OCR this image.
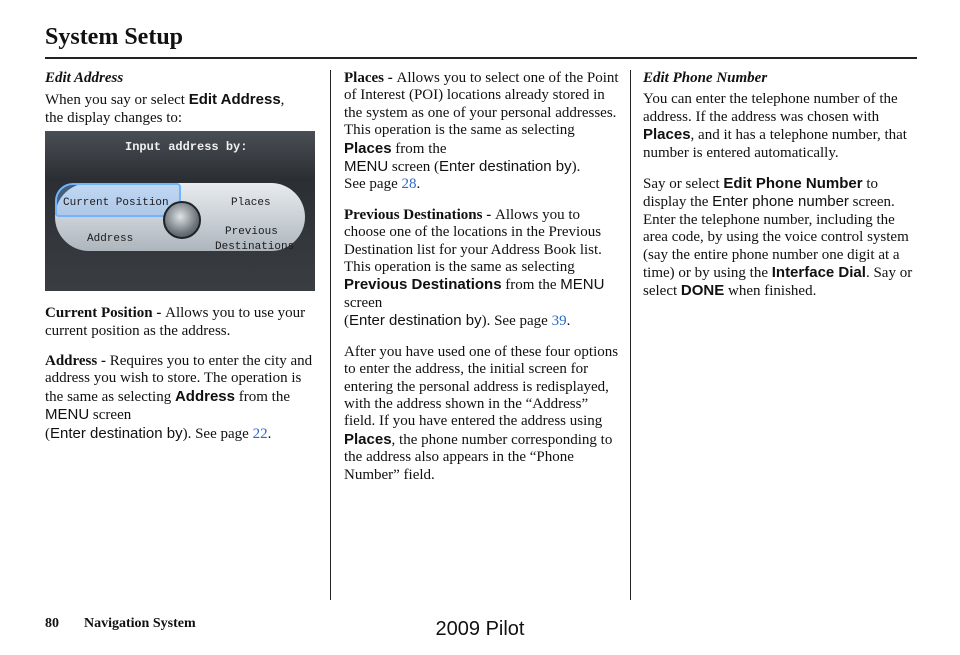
System Setup

Edit Address

When you say or select Edit Address,
the display changes to:

Input address by:
Current Position	Places
Address
Previous
Destinations

Current Position - Allows you to use your current position as the address.

Address - Requires you to enter the city and address you wish to store. The operation is the same as selecting Address from the MENU screen
(Enter destination by). See page 22.

Places - Allows you to select one of the Point of Interest (POI) locations already stored in the system as one of your personal addresses. This operation is the same as selecting Places from the
MENU screen (Enter destination by).
See page 28.

Previous Destinations - Allows you to choose one of the locations in the Previous Destination list for your Address Book list. This operation is the same as selecting Previous Destinations from the MENU screen
(Enter destination by). See page 39.

After you have used one of these four options to enter the address, the initial screen for entering the personal address is redisplayed, with the address shown in the “Address” field. If you have entered the address using Places, the phone number corresponding to the address also appears in the “Phone Number” field.

Edit Phone Number

You can enter the telephone number of the address. If the address was chosen with Places, and it has a telephone number, that number is entered automatically.

Say or select Edit Phone Number to display the Enter phone number screen. Enter the telephone number, including the area code, by using the voice control system (say the entire phone number one digit at a time) or by using the Interface Dial. Say or select DONE when finished.

80 Navigation System	2009 Pilot
